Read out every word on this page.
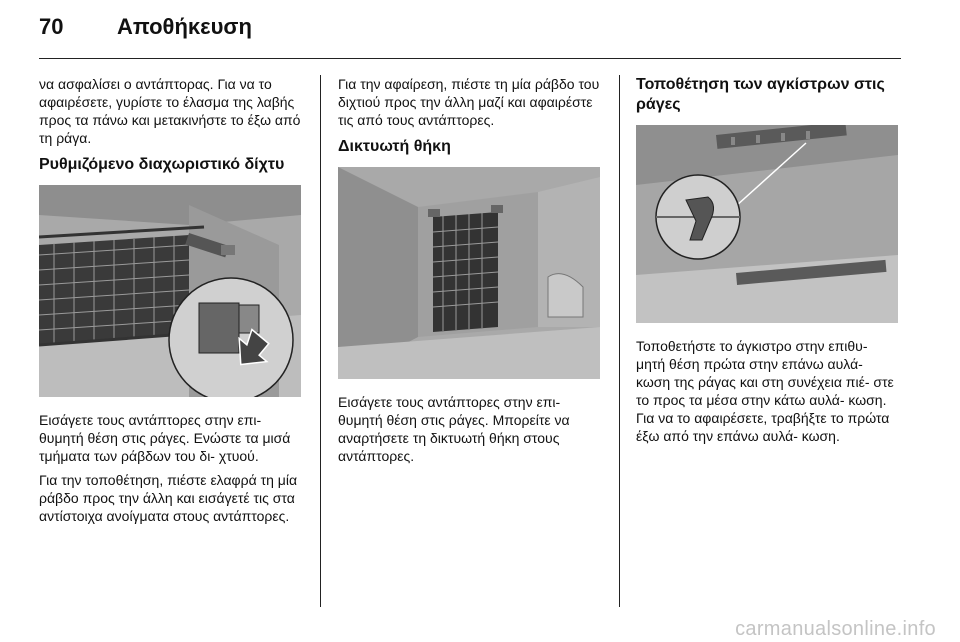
70 Αποθήκευση

να ασφαλίσει ο αντάπτορας. Για να το αφαιρέσετε, γυρίστε το έλασμα της λαβής προς τα πάνω και μετακινήστε το έξω από τη ράγα.

Ρυθμιζόμενο διαχωριστικό δίχτυ

Εισάγετε τους αντάπτορες στην επι- θυμητή θέση στις ράγες. Ενώστε τα μισά τμήματα των ράβδων του δι- χτυού.

Για την τοποθέτηση, πιέστε ελαφρά τη μία ράβδο προς την άλλη και εισάγετέ τις στα αντίστοιχα ανοίγματα στους αντάπτορες.

Για την αφαίρεση, πιέστε τη μία ράβδο του διχτιού προς την άλλη μαζί και αφαιρέστε τις από τους αντάπτορες.

Δικτυωτή θήκη

Εισάγετε τους αντάπτορες στην επι- θυμητή θέση στις ράγες. Μπορείτε να αναρτήσετε τη δικτυωτή θήκη στους αντάπτορες.

Τοποθέτηση των αγκίστρων στις ράγες

Τοποθετήστε το άγκιστρο στην επιθυ- μητή θέση πρώτα στην επάνω αυλά- κωση της ράγας και στη συνέχεια πιέ- στε το προς τα μέσα στην κάτω αυλά- κωση. Για να το αφαιρέσετε, τραβήξτε το πρώτα έξω από την επάνω αυλά- κωση.

carmanualsonline.info
